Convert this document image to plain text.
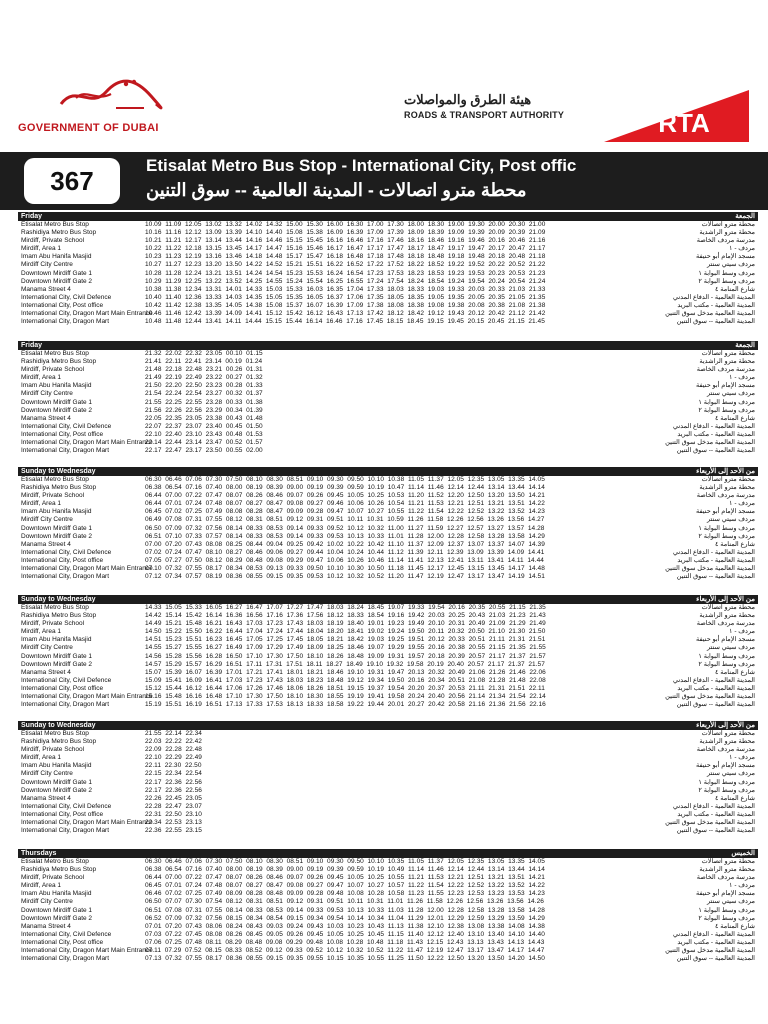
GOVERNMENT OF DUBAI
هيئة الطرق والمواصلات
ROADS & TRANSPORT AUTHORITY	RTA
367	Etisalat Metro Bus Stop - International City, Post offic
محطة مترو اتصالات - المدينة العالمية -- سوق التنين
Friday	الجمعة
Etisalat Metro Bus Stop	10.09  11.09  12.05  13.02  13.32  14.02  14.32  15.00  15.30  16.00  16.30  17.00  17.30  18.00  18.30  19.00  19.30  20.00  20.30  21.00	محطة مترو اتصالات
Rashidiya Metro Bus Stop	10.16  11.16  12.12  13.09  13.39  14.10  14.40  15.08  15.38  16.09  16.39  17.09  17.39  18.09  18.39  19.09  19.39  20.09  20.39  21.09	محطة مترو الراشدية
Mirdiff, Private School	10.21  11.21  12.17  13.14  13.44  14.16  14.46  15.15  15.45  16.16  16.46  17.16  17.46  18.16  18.46  19.16  19.46  20.16  20.46  21.16	مدرسة مردف الخاصة
Mirdiff, Area 1	10.22  11.22  12.18  13.15  13.45  14.17  14.47  15.16  15.46  16.17  16.47  17.17  17.47  18.17  18.47  19.17  19.47  20.17  20.47  21.17	مردف - ١
Imam Abu Hanifa Masjid	10.23  11.23  12.19  13.16  13.46  14.18  14.48  15.17  15.47  16.18  16.48  17.18  17.48  18.18  18.48  19.18  19.48  20.18  20.48  21.18	مسجد الإمام أبو حنيفة
Mirdiff City Centre	10.27  11.27  12.23  13.20  13.50  14.22  14.52  15.21  15.51  16.22  16.52  17.22  17.52  18.22  18.52  19.22  19.52  20.22  20.52  21.22	مردف سيتي سنتر
Downtown Mirdiff Gate 1	10.28  11.28  12.24  13.21  13.51  14.24  14.54  15.23  15.53  16.24  16.54  17.23  17.53  18.23  18.53  19.23  19.53  20.23  20.53  21.23	مردف وسط البوابة ١
Downtown Mirdiff Gate 2	10.29  11.29  12.25  13.22  13.52  14.25  14.55  15.24  15.54  16.25  16.55  17.24  17.54  18.24  18.54  19.24  19.54  20.24  20.54  21.24	مردف وسط البوابة ٢
Manama Street 4	10.38  11.38  12.34  13.31  14.01  14.33  15.03  15.33  16.03  16.35  17.04  17.33  18.03  18.33  19.03  19.33  20.03  20.33  21.03  21.33	شارع المنامة ٤
International City, Civil Defence	10.40  11.40  12.36  13.33  14.03  14.35  15.05  15.35  16.05  16.37  17.06  17.35  18.05  18.35  19.05  19.35  20.05  20.35  21.05  21.35	المدينة العالمية - الدفاع المدني
International City, Post office	10.42  11.42  12.38  13.35  14.05  14.38  15.08  15.37  16.07  16.39  17.09  17.38  18.08  18.38  19.08  19.38  20.08  20.38  21.08  21.38	المدينة العالمية - مكتب البريد
International City, Dragon Mart Main Entrance
10.46  11.46  12.42  13.39  14.09  14.41  15.12  15.42  16.12  16.43  17.13  17.42  18.12  18.42  19.12  19.43  20.12  20.42  21.12  21.42	المدينة العالمية مدخل سوق التنين
International City, Dragon Mart	10.48  11.48  12.44  13.41  14.11  14.44  15.15  15.44  16.14  16.46  17.16  17.45  18.15  18.45  19.15  19.45  20.15  20.45  21.15  21.45	المدينة العالمية -- سوق التنين
Friday	الجمعة
Etisalat Metro Bus Stop	21.32  22.02  22.32  23.05  00.10  01.15	محطة مترو اتصالات
Rashidiya Metro Bus Stop	21.41  22.11  22.41  23.14  00.19  01.24	محطة مترو الراشدية
Mirdiff, Private School	21.48  22.18  22.48  23.21  00.26  01.31	مدرسة مردف الخاصة
Mirdiff, Area 1	21.49  22.19  22.49  23.22  00.27  01.32	مردف - ١
Imam Abu Hanifa Masjid	21.50  22.20  22.50  23.23  00.28  01.33	مسجد الإمام أبو حنيفة
Mirdiff City Centre	21.54  22.24  22.54  23.27  00.32  01.37	مردف سيتي سنتر
Downtown Mirdiff Gate 1	21.55  22.25  22.55  23.28  00.33  01.38	مردف وسط البوابة ١
Downtown Mirdiff Gate 2	21.56  22.26  22.56  23.29  00.34  01.39	مردف وسط البوابة ٢
Manama Street 4	22.05  22.35  23.05  23.38  00.43  01.48	شارع المنامة ٤
International City, Civil Defence	22.07  22.37  23.07  23.40  00.45  01.50	المدينة العالمية - الدفاع المدني
International City, Post office	22.10  22.40  23.10  23.43  00.48  01.53	المدينة العالمية - مكتب البريد
International City, Dragon Mart Main Entrance
22.14  22.44  23.14  23.47  00.52  01.57	المدينة العالمية مدخل سوق التنين
International City, Dragon Mart	22.17  22.47  23.17  23.50  00.55  02.00	المدينة العالمية -- سوق التنين
Sunday to Wednesday	من الأحد إلى الأربعاء
Etisalat Metro Bus Stop	06.30  06.46  07.06  07.30  07.50  08.10  08.30  08.51  09.10  09.30  09.50  10.10  10.38  11.05  11.37  12.05  12.35  13.05  13.35  14.05	محطة مترو اتصالات
Rashidiya Metro Bus Stop	06.38  06.54  07.16  07.40  08.00  08.19  08.39  09.00  09.19  09.39  09.59  10.19  10.47  11.14  11.46  12.14  12.44  13.14  13.44  14.14	محطة مترو الراشدية
Mirdiff, Private School	06.44  07.00  07.22  07.47  08.07  08.26  08.46  09.07  09.26  09.45  10.05  10.25  10.53  11.20  11.52  12.20  12.50  13.20  13.50  14.21	مدرسة مردف الخاصة
Mirdiff, Area 1	06.44  07.01  07.24  07.48  08.07  08.27  08.47  09.08  09.27  09.46  10.06  10.26  10.54  11.21  11.53  12.21  12.51  13.21  13.51  14.22	مردف - ١
Imam Abu Hanifa Masjid	06.45  07.02  07.25  07.49  08.08  08.28  08.47  09.09  09.28  09.47  10.07  10.27  10.55  11.22  11.54  12.22  12.52  13.22  13.52  14.23	مسجد الإمام أبو حنيفة
Mirdiff City Centre	06.49  07.08  07.31  07.55  08.12  08.31  08.51  09.12  09.31  09.51  10.11  10.31  10.59  11.26  11.58  12.26  12.56  13.26  13.56  14.27	مردف سيتي سنتر
Downtown Mirdiff Gate 1	06.50  07.09  07.32  07.56  08.14  08.33  08.53  09.14  09.33  09.52  10.12  10.32  11.00  11.27  11.59  12.27  12.57  13.27  13.57  14.28	مردف وسط البوابة ١
Downtown Mirdiff Gate 2	06.51  07.10  07.33  07.57  08.14  08.33  08.53  09.14  09.33  09.53  10.13  10.33  11.01  11.28  12.00  12.28  12.58  13.28  13.58  14.29	مردف وسط البوابة ٢
Manama Street 4	07.00  07.20  07.43  08.08  08.25  08.44  09.04  09.25  09.42  10.02  10.22  10.42  11.10  11.37  12.09  12.37  13.07  13.37  14.07  14.39	شارع المنامة ٤
International City, Civil Defence	07.02  07.24  07.47  08.10  08.27  08.46  09.06  09.27  09.44  10.04  10.24  10.44  11.12  11.39  12.11  12.39  13.09  13.39  14.09  14.41	المدينة العالمية - الدفاع المدني
International City, Post office	07.05  07.27  07.50  08.12  08.29  08.48  09.08  09.29  09.47  10.06  10.26  10.46  11.14  11.41  12.13  12.41  13.11  13.41  14.11  14.44	المدينة العالمية - مكتب البريد
International City, Dragon Mart Main Entrance
07.10  07.32  07.55  08.17  08.34  08.53  09.13  09.33  09.50  10.10  10.30  10.50  11.18  11.45  12.17  12.45  13.15  13.45  14.17  14.48	المدينة العالمية مدخل سوق التنين
International City, Dragon Mart	07.12  07.34  07.57  08.19  08.36  08.55  09.15  09.35  09.53  10.12  10.32  10.52  11.20  11.47  12.19  12.47  13.17  13.47  14.19  14.51	المدينة العالمية -- سوق التنين
Sunday to Wednesday	من الأحد إلى الأربعاء
Etisalat Metro Bus Stop	14.33  15.05  15.33  16.05  16.27  16.47  17.07  17.27  17.47  18.03  18.24  18.45  19.07  19.33  19.54  20.16  20.35  20.55  21.15  21.35	محطة مترو اتصالات
Rashidiya Metro Bus Stop	14.42  15.14  15.42  16.14  16.36  16.56  17.16  17.36  17.56  18.12  18.33  18.54  19.16  19.42  20.03  20.25  20.43  21.03  21.23  21.43	محطة مترو الراشدية
Mirdiff, Private School	14.49  15.21  15.48  16.21  16.43  17.03  17.23  17.43  18.03  18.19  18.40  19.01  19.23  19.49  20.10  20.31  20.49  21.09  21.29  21.49	مدرسة مردف الخاصة
Mirdiff, Area 1	14.50  15.22  15.50  16.22  16.44  17.04  17.24  17.44  18.04  18.20  18.41  19.02  19.24  19.50  20.11  20.32  20.50  21.10  21.30  21.50	مردف - ١
Imam Abu Hanifa Masjid	14.51  15.23  15.51  16.23  16.45  17.05  17.25  17.45  18.05  18.21  18.42  19.03  19.25  19.51  20.12  20.33  20.51  21.11  21.31  21.51	مسجد الإمام أبو حنيفة
Mirdiff City Centre	14.55  15.27  15.55  16.27  16.49  17.09  17.29  17.49  18.09  18.25  18.46  19.07  19.29  19.55  20.16  20.38  20.55  21.15  21.35  21.55	مردف سيتي سنتر
Downtown Mirdiff Gate 1	14.56  15.28  15.56  16.28  16.50  17.10  17.30  17.50  18.10  18.26  18.48  19.09  19.31  19.57  20.18  20.39  20.57  21.17  21.37  21.57	مردف وسط البوابة ١
Downtown Mirdiff Gate 2	14.57  15.29  15.57  16.29  16.51  17.11  17.31  17.51  18.11  18.27  18.49  19.10  19.32  19.58  20.19  20.40  20.57  21.17  21.37  21.57	مردف وسط البوابة ٢
Manama Street 4	15.07  15.39  16.07  16.39  17.01  17.21  17.41  18.01  18.21  18.46  19.10  19.31  19.47  20.13  20.32  20.49  21.06  21.26  21.46  22.06	شارع المنامة ٤
International City, Civil Defence	15.09  15.41  16.09  16.41  17.03  17.23  17.43  18.03  18.23  18.48  19.12  19.34  19.50  20.16  20.34  20.51  21.08  21.28  21.48  22.08	المدينة العالمية - الدفاع المدني
International City, Post office	15.12  15.44  16.12  16.44  17.06  17.26  17.46  18.06  18.26  18.51  19.15  19.37  19.54  20.20  20.37  20.53  21.11  21.31  21.51  22.11	المدينة العالمية - مكتب البريد
International City, Dragon Mart Main Entrance
15.16  15.48  16.16  16.48  17.10  17.30  17.50  18.10  18.30  18.55  19.19  19.41  19.58  20.24  20.40  20.56  21.14  21.34  21.54  22.14	المدينة العالمية مدخل سوق التنين
International City, Dragon Mart	15.19  15.51  16.19  16.51  17.13  17.33  17.53  18.13  18.33  18.58  19.22  19.44  20.01  20.27  20.42  20.58  21.16  21.36  21.56  22.16	المدينة العالمية -- سوق التنين
Sunday to Wednesday	من الأحد إلى الأربعاء
Etisalat Metro Bus Stop	21.55  22.14  22.34	محطة مترو اتصالات
Rashidiya Metro Bus Stop	22.03  22.22  22.42	محطة مترو الراشدية
Mirdiff, Private School	22.09  22.28  22.48	مدرسة مردف الخاصة
Mirdiff, Area 1	22.10  22.29  22.49	مردف - ١
Imam Abu Hanifa Masjid	22.11  22.30  22.50	مسجد الإمام أبو حنيفة
Mirdiff City Centre	22.15  22.34  22.54	مردف سيتي سنتر
Downtown Mirdiff Gate 1	22.17  22.36  22.56	مردف وسط البوابة ١
Downtown Mirdiff Gate 2	22.17  22.36  22.56	مردف وسط البوابة ٢
Manama Street 4	22.26  22.45  23.05	شارع المنامة ٤
International City, Civil Defence	22.28  22.47  23.07	المدينة العالمية - الدفاع المدني
International City, Post office	22.31  22.50  23.10	المدينة العالمية - مكتب البريد
International City, Dragon Mart Main Entrance
22.34  22.53  23.13	المدينة العالمية مدخل سوق التنين
International City, Dragon Mart	22.36  22.55  23.15	المدينة العالمية -- سوق التنين
Thursdays	الخميس
Etisalat Metro Bus Stop	06.30  06.46  07.06  07.30  07.50  08.10  08.30  08.51  09.10  09.30  09.50  10.10  10.35  11.05  11.37  12.05  12.35  13.05  13.35  14.05	محطة مترو اتصالات
Rashidiya Metro Bus Stop	06.38  06.54  07.16  07.40  08.00  08.19  08.39  09.00  09.19  09.39  09.59  10.19  10.49  11.14  11.46  12.14  12.44  13.14  13.44  14.14	محطة مترو الراشدية
Mirdiff, Private School	06.44  07.00  07.22  07.47  08.07  08.26  08.46  09.07  09.26  09.45  10.05  10.25  10.55  11.21  11.53  12.21  12.51  13.21  13.51  14.21	مدرسة مردف الخاصة
Mirdiff, Area 1	06.45  07.01  07.24  07.48  08.07  08.27  08.47  09.08  09.27  09.47  10.07  10.27  10.57  11.22  11.54  12.22  12.52  13.22  13.52  14.22	مردف - ١
Imam Abu Hanifa Masjid	06.46  07.02  07.25  07.49  08.09  08.28  08.48  09.09  09.28  09.48  10.08  10.28  10.58  11.23  11.55  12.23  12.53  13.23  13.53  14.23	مسجد الإمام أبو حنيفة
Mirdiff City Centre	06.50  07.07  07.30  07.54  08.12  08.31  08.51  09.12  09.31  09.51  10.11  10.31  11.01  11.26  11.58  12.26  12.56  13.26  13.56  14.26	مردف سيتي سنتر
Downtown Mirdiff Gate 1	06.51  07.08  07.31  07.55  08.14  08.33  08.53  09.14  09.33  09.53  10.13  10.33  11.03  11.28  12.00  12.28  12.58  13.28  13.58  14.28	مردف وسط البوابة ١
Downtown Mirdiff Gate 2	06.52  07.09  07.32  07.56  08.15  08.34  08.54  09.15  09.34  09.54  10.14  10.34  11.04  11.29  12.01  12.29  12.59  13.29  13.59  14.29	مردف وسط البوابة ٢
Manama Street 4	07.01  07.20  07.43  08.06  08.24  08.43  09.03  09.24  09.43  10.03  10.23  10.43  11.13  11.38  12.10  12.38  13.08  13.38  14.08  14.38	شارع المنامة ٤
International City, Civil Defence	07.03  07.22  07.45  08.08  08.26  08.45  09.05  09.26  09.45  10.05  10.25  10.45  11.15  11.40  12.12  12.40  13.10  13.40  14.10  14.40	المدينة العالمية - الدفاع المدني
International City, Post office	07.06  07.25  07.48  08.11  08.29  08.48  09.08  09.29  09.48  10.08  10.28  10.48  11.18  11.43  12.15  12.43  13.13  13.43  14.13  14.43	المدينة العالمية - مكتب البريد
International City, Dragon Mart Main Entrance
07.11  07.29  07.52  08.15  08.33  08.52  09.12  09.33  09.52  10.12  10.32  10.52  11.22  11.47  12.19  12.47  13.17  13.47  14.17  14.47	المدينة العالمية مدخل سوق التنين
International City, Dragon Mart	07.13  07.32  07.55  08.17  08.36  08.55  09.15  09.35  09.55  10.15  10.35  10.55  11.25  11.50  12.22  12.50  13.20  13.50  14.20  14.50	المدينة العالمية -- سوق التنين
